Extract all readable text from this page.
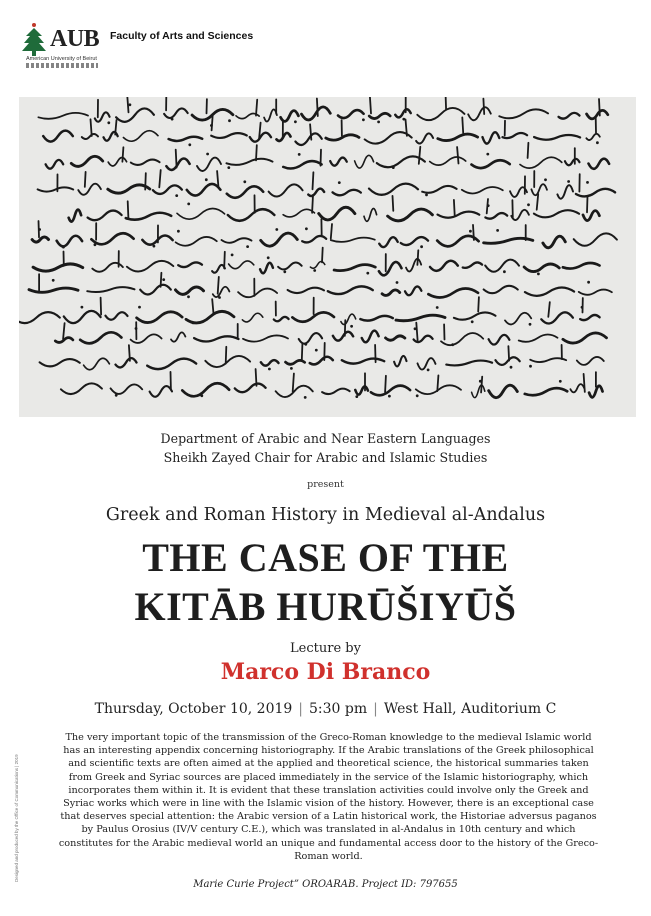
AUB
American University of Beirut
Faculty of Arts and Sciences
Department of Arabic and Near Eastern Languages
Sheikh Zayed Chair for Arabic and Islamic Studies
present
Greek and Roman History in Medieval al-Andalus
THE CASE OF THE
KITĀB HURŪŠIYŪŠ
Lecture by
Marco Di Branco
Thursday, October 10, 2019 | 5:30 pm | West Hall, Auditorium C
The very important topic of the transmission of the Greco-Roman knowledge to the medieval Islamic world has an interesting appendix concerning historiography. If the Arabic translations of the Greek philosophical and scientific texts are often aimed at the applied and theoretical science, the historical summaries taken from Greek and Syriac sources are placed immediately in the service of the Islamic historiography, which incorporates them within it. It is evident that these translation activities could involve only the Greek and Syriac works which were in line with the Islamic vision of the history. However, there is an exceptional case that deserves special attention: the Arabic version of a Latin historical work, the Historiae adversus paganos by Paulus Orosius (IV/V century C.E.), which was translated in al-Andalus in 10th century and which constitutes for the Arabic medieval world an unique and fundamental access door to the history of the Greco-Roman world.
Marie Curie Project” OROARAB. Project ID: 797655
Designed and produced by the Office of Communications | 2019
